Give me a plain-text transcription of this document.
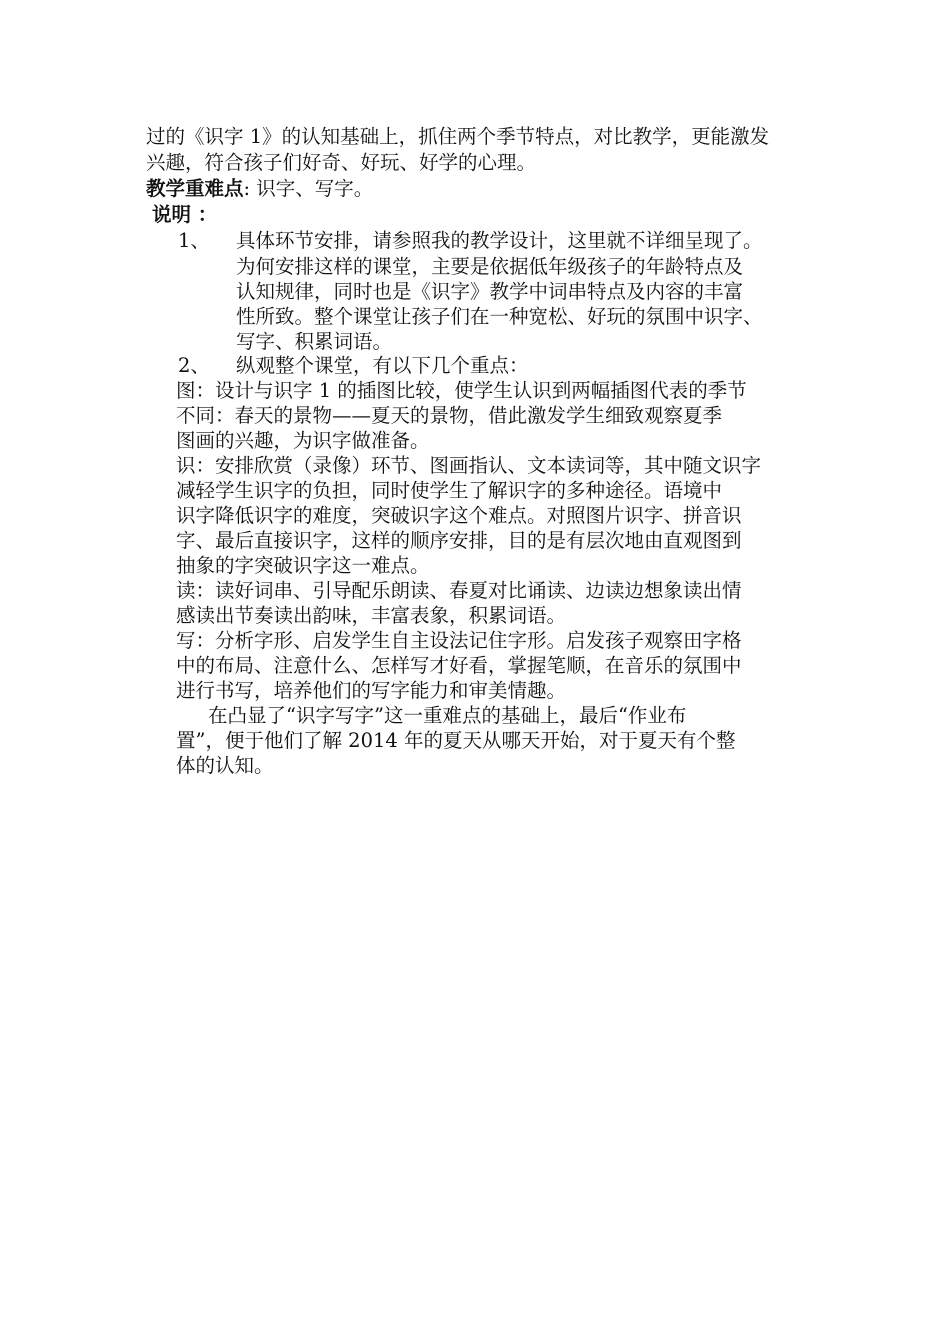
过的《识字 1》的认知基础上，抓住两个季节特点，对比教学，更能激发
兴趣，符合孩子们好奇、好玩、好学的心理。
教学重难点: 识字、写字。
说明 ：
1、 具体环节安排，请参照我的教学设计，这里就不详细呈现了。
为何安排这样的课堂，主要是依据低年级孩子的年龄特点及
认知规律，同时也是《识字》教学中词串特点及内容的丰富
性所致。整个课堂让孩子们在一种宽松、好玩的氛围中识字、
写字、积累词语。
2、 纵观整个课堂，有以下几个重点：
图：设计与识字 1 的插图比较，使学生认识到两幅插图代表的季节
不同：春天的景物——夏天的景物，借此激发学生细致观察夏季
图画的兴趣，为识字做准备。
识：安排欣赏（录像）环节、图画指认、文本读词等，其中随文识字
减轻学生识字的负担，同时使学生了解识字的多种途径。语境中
识字降低识字的难度，突破识字这个难点。对照图片识字、拼音识
字、最后直接识字，这样的顺序安排，目的是有层次地由直观图到
抽象的字突破识字这一难点。
读：读好词串、引导配乐朗读、春夏对比诵读、边读边想象读出情
感读出节奏读出韵味，丰富表象，积累词语。
写：分析字形、启发学生自主设法记住字形。启发孩子观察田字格
中的布局、注意什么、怎样写才好看，掌握笔顺，在音乐的氛围中
进行书写，培养他们的写字能力和审美情趣。
在凸显了“识字写字”这一重难点的基础上，最后“作业布
置”，便于他们了解 2014 年的夏天从哪天开始，对于夏天有个整
体的认知。
